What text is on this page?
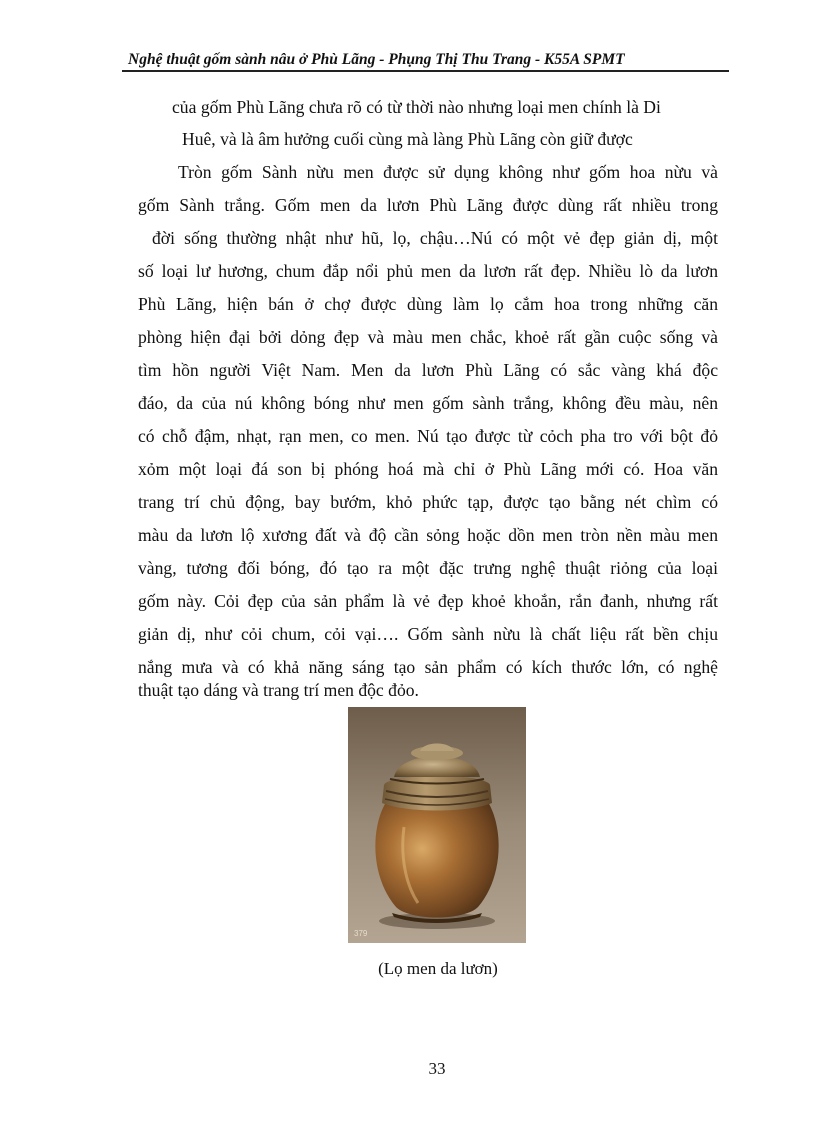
Nghệ thuật gốm sành nâu ở Phù Lãng - Phụng Thị Thu Trang - K55A SPMT
của gốm Phù Lãng chưa rõ có từ thời nào nhưng loại men chính là Di
Huê, và là âm hưởng cuối cùng mà làng Phù Lãng còn giữ được
Tròn gốm Sành nừu men được sử dụng không như gốm hoa nừu và
gốm Sành trắng. Gốm men da lươn Phù Lãng được dùng rất nhiều trong
đời sống thường nhật như hũ, lọ, chậu…Nú có một vẻ đẹp giản dị, một
số loại lư hương, chum đắp nổi phủ men da lươn rất đẹp. Nhiều lò da lươn
Phù Lãng, hiện bán ở chợ được dùng làm lọ cắm hoa trong những căn
phòng hiện đại bởi dỏng đẹp và màu men chắc, khoẻ rất gần cuộc sống và
tìm hồn người Việt Nam. Men da lươn Phù Lãng có sắc vàng khá độc
đáo, da của nú không bóng như men gốm sành trắng, không đều màu, nên
có chỗ đậm, nhạt, rạn men, co men. Nú tạo được từ cỏch pha tro với bột đỏ
xỏm một loại đá son bị phóng hoá mà chỉ ở Phù Lãng mới có. Hoa văn
trang trí chủ động, bay bướm, khỏ phức tạp, được tạo bằng nét chìm có
màu da lươn lộ xương đất và độ cần sỏng hoặc dồn men tròn nền màu men
vàng, tương đối bóng, đó tạo ra một đặc trưng nghệ thuật riỏng của loại
gốm này. Cỏi đẹp của sản phẩm là vẻ đẹp khoẻ khoắn, rắn đanh, nhưng rất
giản dị, như cỏi chum, cỏi vại…. Gốm sành nừu là chất liệu rất bền chịu
nắng mưa và có khả năng sáng tạo sản phẩm có kích thước lớn, có nghệ
thuật tạo dáng và trang trí men độc đỏo.
379
(Lọ men da lươn)
33
